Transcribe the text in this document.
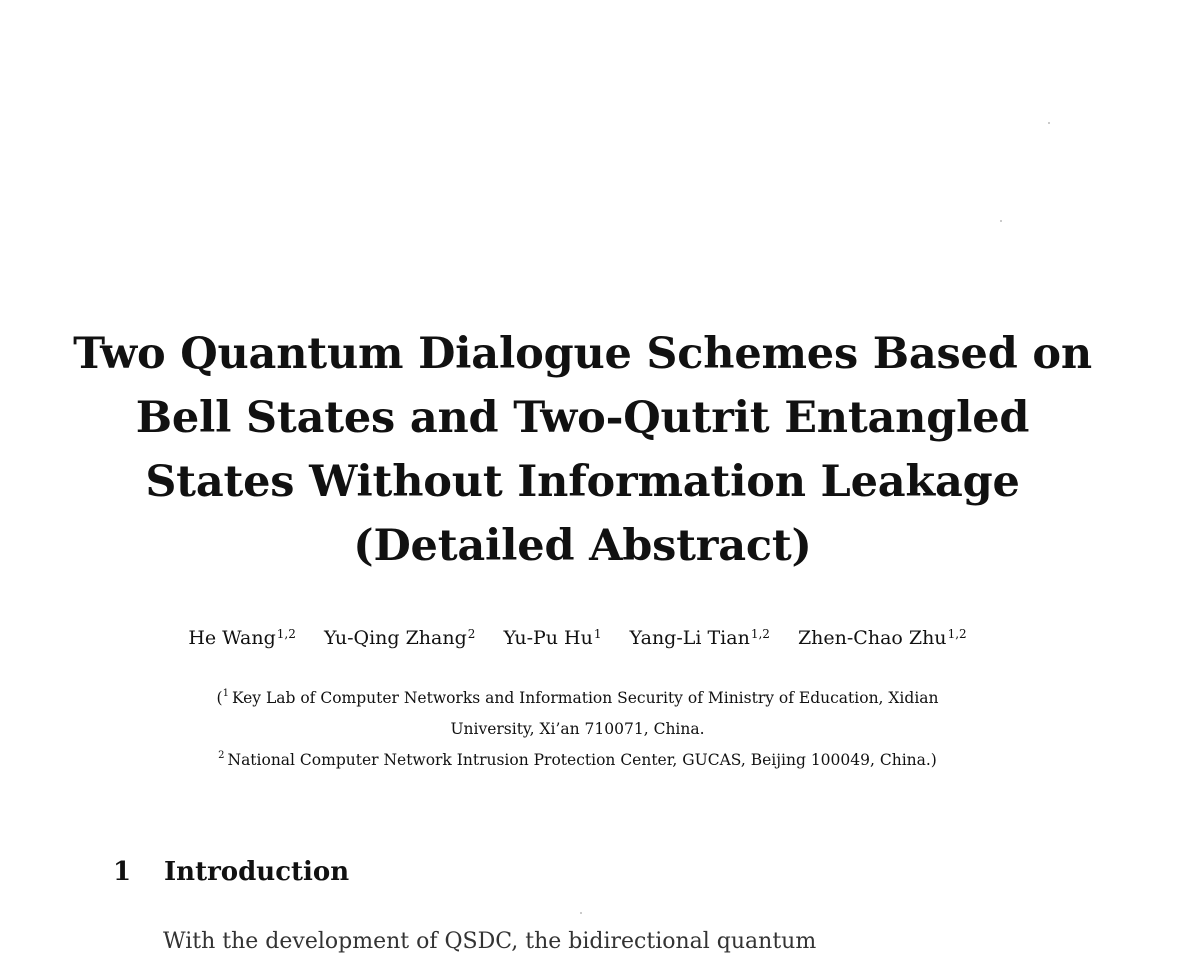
Two Quantum Dialogue Schemes Based on
Bell States and Two-Qutrit Entangled
States Without Information Leakage
(Detailed Abstract)
He Wang$^{1,2}$ Yu-Qing Zhang$^2$ Yu-Pu Hu$^1$ Yang-Li Tian$^{1,2}$ Zhen-Chao Zhu$^{1,2}$
($^1$ Key Lab of Computer Networks and Information Security of Ministry of Education, Xidian
University, Xi’an 710071, China.
$^2$ National Computer Network Intrusion Protection Center, GUCAS, Beijing 100049, China.)
1 Introduction
With the development of QSDC, the bidirectional quantum
